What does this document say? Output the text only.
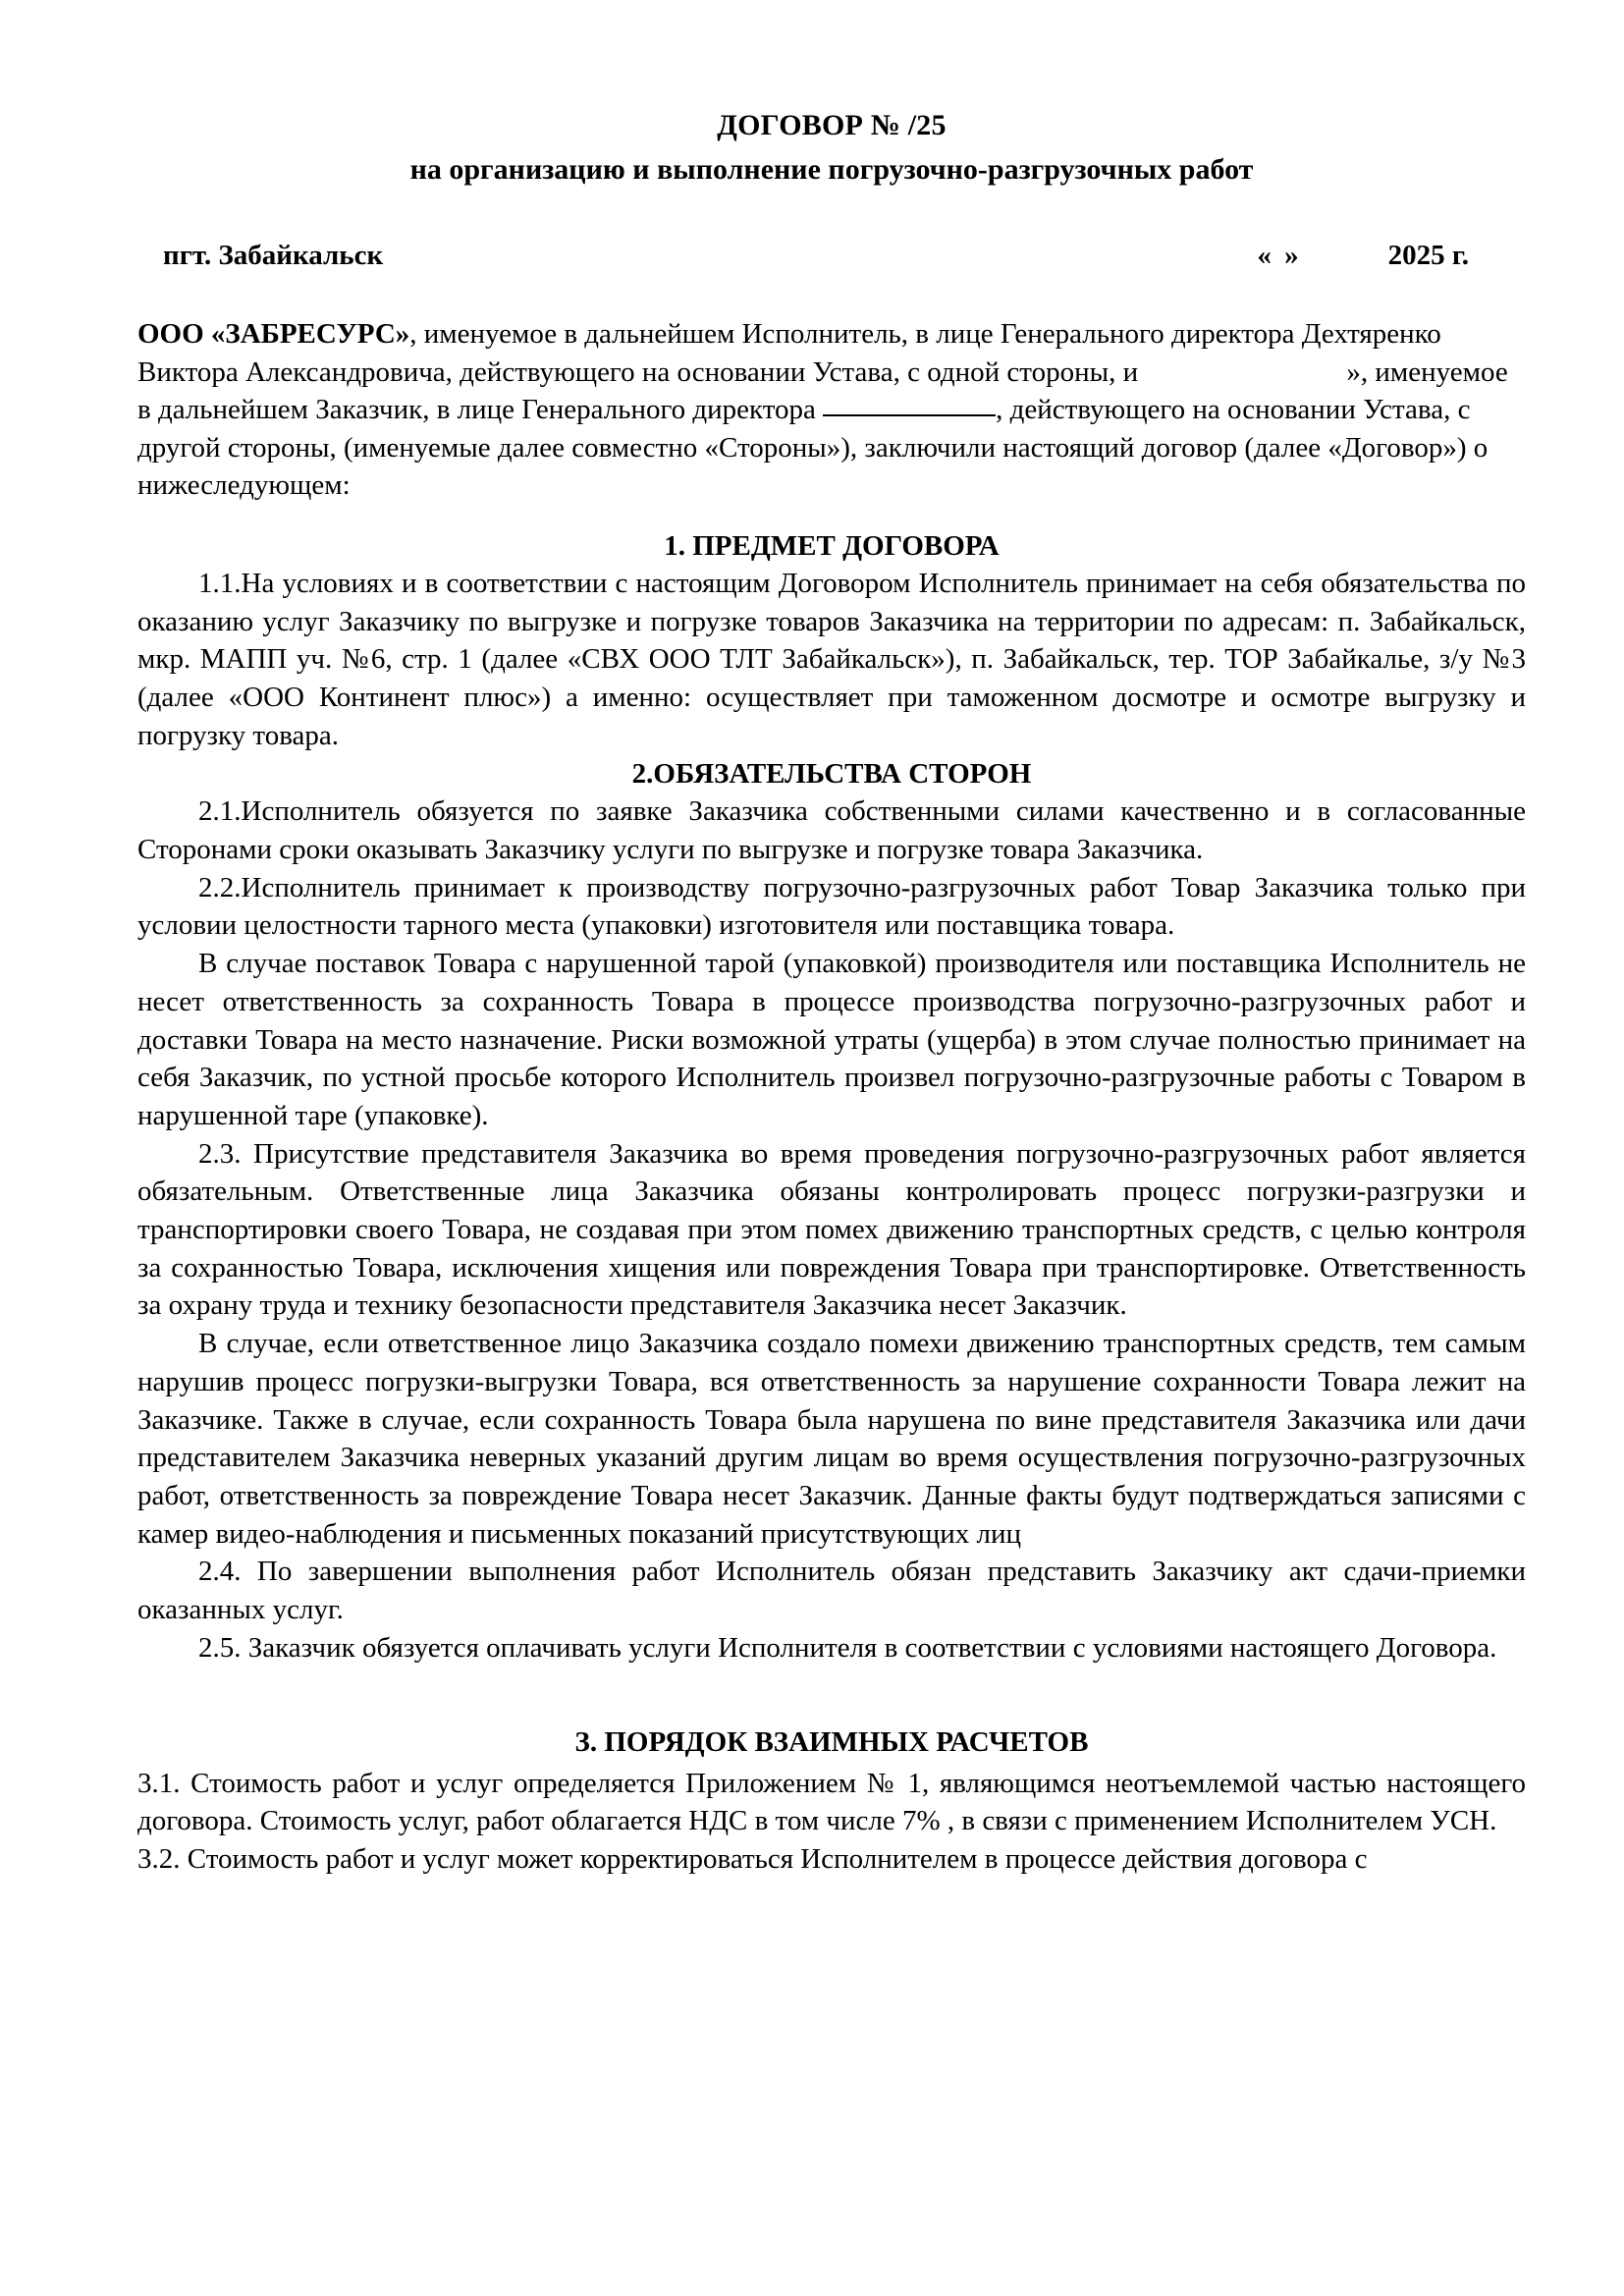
ДОГОВОР № /25
на организацию и выполнение погрузочно-разгрузочных работ
пгт. Забайкальск	« »	2025 г.
ООО «ЗАБРЕСУРС», именуемое в дальнейшем Исполнитель, в лице Генерального директора Дехтяренко Виктора Александровича, действующего на основании Устава, с одной стороны, и	», именуемое в дальнейшем Заказчик, в лице Генерального директора	, действующего на основании Устава, с другой стороны, (именуемые далее совместно «Стороны»), заключили настоящий договор (далее «Договор») о нижеследующем:
1. ПРЕДМЕТ ДОГОВОРА

1.1.На условиях и в соответствии с настоящим Договором Исполнитель принимает на себя обязательства по оказанию услуг Заказчику по выгрузке и погрузке товаров Заказчика на территории по адресам: п. Забайкальск, мкр. МАПП уч. №6, стр. 1 (далее «СВХ ООО ТЛТ Забайкальск»), п. Забайкальск, тер. ТОР Забайкалье, з/у №3 (далее «ООО Континент плюс») а именно: осуществляет при таможенном досмотре и осмотре выгрузку и погрузку товара.

2.ОБЯЗАТЕЛЬСТВА СТОРОН

2.1.Исполнитель обязуется по заявке Заказчика собственными силами качественно и в согласованные Сторонами сроки оказывать Заказчику услуги по выгрузке и погрузке товара Заказчика.

2.2.Исполнитель принимает к производству погрузочно-разгрузочных работ Товар Заказчика только при условии целостности тарного места (упаковки) изготовителя или поставщика товара.

В случае поставок Товара с нарушенной тарой (упаковкой) производителя или поставщика Исполнитель не несет ответственность за сохранность Товара в процессе производства погрузочно-разгрузочных работ и доставки Товара на место назначение. Риски возможной утраты (ущерба) в этом случае полностью принимает на себя Заказчик, по устной просьбе которого Исполнитель произвел погрузочно-разгрузочные работы с Товаром в нарушенной таре (упаковке).

2.3. Присутствие представителя Заказчика во время проведения погрузочно-разгрузочных работ является обязательным. Ответственные лица Заказчика обязаны контролировать процесс погрузки-разгрузки и транспортировки своего Товара, не создавая при этом помех движению транспортных средств, с целью контроля за сохранностью Товара, исключения хищения или повреждения Товара при транспортировке. Ответственность за охрану труда и технику безопасности представителя Заказчика несет Заказчик.

В случае, если ответственное лицо Заказчика создало помехи движению транспортных средств, тем самым нарушив процесс погрузки-выгрузки Товара, вся ответственность за нарушение сохранности Товара лежит на Заказчике. Также в случае, если сохранность Товара была нарушена по вине представителя Заказчика или дачи представителем Заказчика неверных указаний другим лицам во время осуществления погрузочно-разгрузочных работ, ответственность за повреждение Товара несет Заказчик. Данные факты будут подтверждаться записями с камер видео-наблюдения и письменных показаний присутствующих лиц

2.4. По завершении выполнения работ Исполнитель обязан представить Заказчику акт сдачи-приемки оказанных услуг.

2.5. Заказчик обязуется оплачивать услуги Исполнителя в соответствии с условиями настоящего Договора.

З. ПОРЯДОК ВЗАИМНЫХ РАСЧЕТОВ

3.1. Стоимость работ и услуг определяется Приложением № 1, являющимся неотъемлемой частью настоящего договора. Стоимость услуг, работ облагается НДС в том числе 7% , в связи с применением Исполнителем УСН.

3.2. Стоимость работ и услуг может корректироваться Исполнителем в процессе действия договора с
